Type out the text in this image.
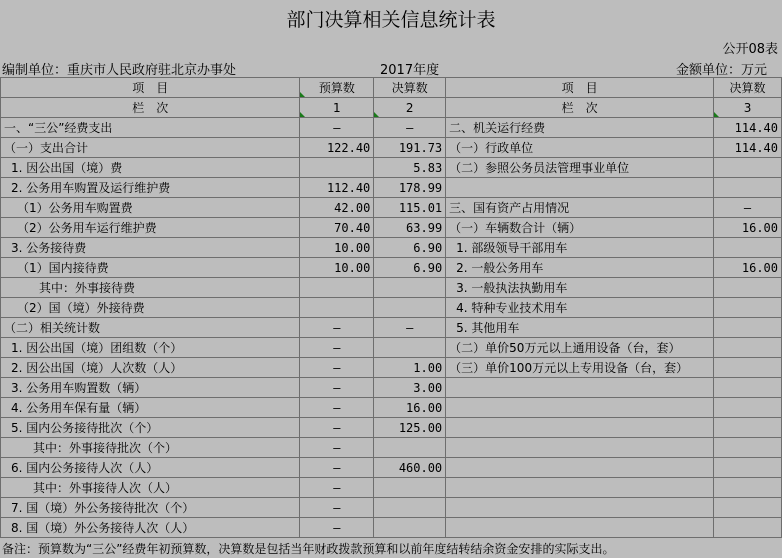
部门决算相关信息统计表
公开08表
编制单位：重庆市人民政府驻北京办事处	2017年度	金额单位：万元
项　目	预算数	决算数	项　目	决算数
栏　次	1	2	栏　次	3
一、“三公”经费支出	—	—	二、机关运行经费	114.40
（一）支出合计	122.40	191.73	（一）行政单位	114.40
1. 因公出国（境）费		5.83	（二）参照公务员法管理事业单位	
2. 公务用车购置及运行维护费	112.40	178.99		
（1）公务用车购置费	42.00	115.01	三、国有资产占用情况	—
（2）公务用车运行维护费	70.40	63.99	（一）车辆数合计（辆）	16.00
3. 公务接待费	10.00	6.90	1. 部级领导干部用车	
（1）国内接待费	10.00	6.90	2. 一般公务用车	16.00
其中：外事接待费			3. 一般执法执勤用车	
（2）国（境）外接待费			4. 特种专业技术用车	
（二）相关统计数	—	—	5. 其他用车	
1. 因公出国（境）团组数（个）	—		（二）单价50万元以上通用设备（台，套）	
2. 因公出国（境）人次数（人）	—	1.00	（三）单价100万元以上专用设备（台，套）	
3. 公务用车购置数（辆）	—	3.00		
4. 公务用车保有量（辆）	—	16.00		
5. 国内公务接待批次（个）	—	125.00		
其中：外事接待批次（个）	—			
6. 国内公务接待人次（人）	—	460.00		
其中：外事接待人次（人）	—			
7. 国（境）外公务接待批次（个）	—			
8. 国（境）外公务接待人次（人）	—			
备注：预算数为“三公”经费年初预算数，决算数是包括当年财政拨款预算和以前年度结转结余资金安排的实际支出。
